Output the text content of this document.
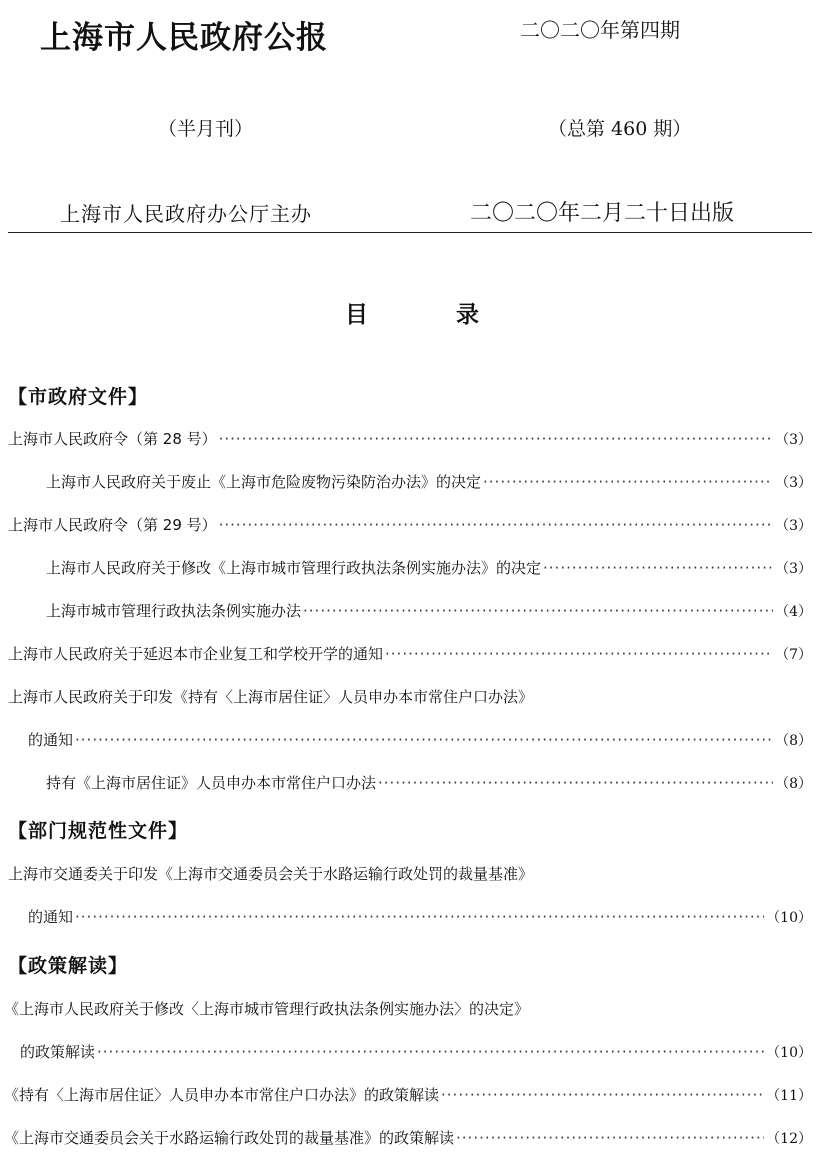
上海市人民政府公报	二〇二〇年第四期
（半月刊）	（总第 460 期）
上海市人民政府办公厅主办	二〇二〇年二月二十日出版
目	录
【市政府文件】
上海市人民政府令（第 28 号） ·····	（3）
上海市人民政府关于废止《上海市危险废物污染防治办法》的决定 ·····	（3）
上海市人民政府令（第 29 号） ·····	（3）
上海市人民政府关于修改《上海市城市管理行政执法条例实施办法》的决定 ·····	（3）
上海市城市管理行政执法条例实施办法 ·····	（4）
上海市人民政府关于延迟本市企业复工和学校开学的通知 ·····	（7）
上海市人民政府关于印发《持有〈上海市居住证〉人员申办本市常住户口办法》
的通知 ·····	（8）
持有《上海市居住证》人员申办本市常住户口办法 ·····	（8）
【部门规范性文件】
上海市交通委关于印发《上海市交通委员会关于水路运输行政处罚的裁量基准》
的通知 ·····	（10）
【政策解读】
《上海市人民政府关于修改〈上海市城市管理行政执法条例实施办法〉的决定》
的政策解读 ·····	（10）
《持有〈上海市居住证〉人员申办本市常住户口办法》的政策解读 ·····	（11）
《上海市交通委员会关于水路运输行政处罚的裁量基准》的政策解读 ·····	（12）
